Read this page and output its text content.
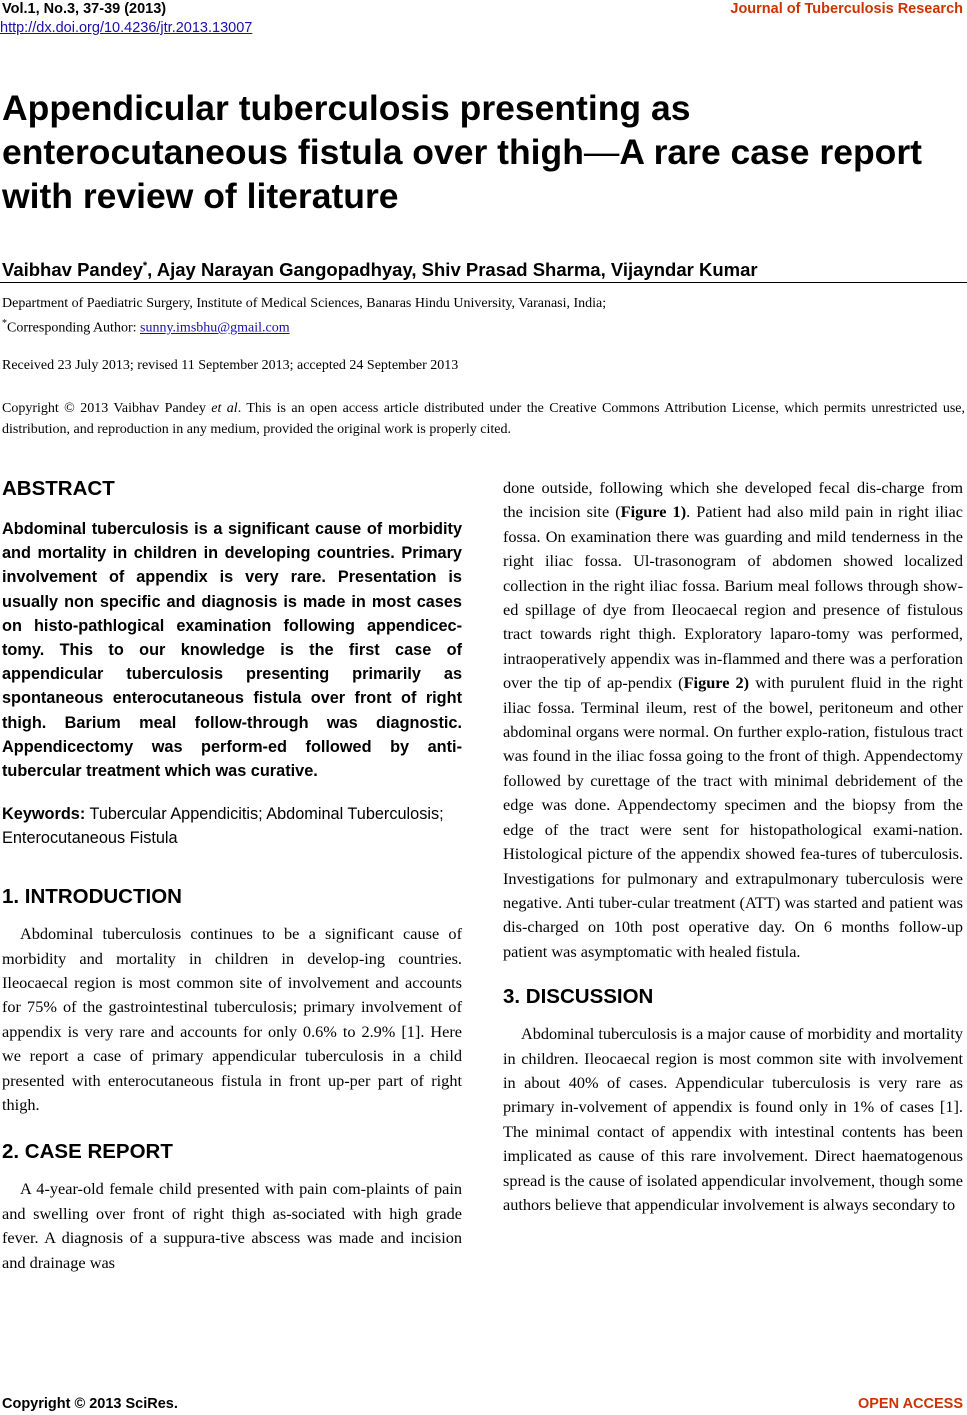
Vol.1, No.3, 37-39 (2013)
http://dx.doi.org/10.4236/jtr.2013.13007
Journal of Tuberculosis Research
Appendicular tuberculosis presenting as enterocutaneous fistula over thigh—A rare case report with review of literature
Vaibhav Pandey*, Ajay Narayan Gangopadhyay, Shiv Prasad Sharma, Vijayndar Kumar
Department of Paediatric Surgery, Institute of Medical Sciences, Banaras Hindu University, Varanasi, India;
*Corresponding Author: sunny.imsbhu@gmail.com
Received 23 July 2013; revised 11 September 2013; accepted 24 September 2013
Copyright © 2013 Vaibhav Pandey et al. This is an open access article distributed under the Creative Commons Attribution License, which permits unrestricted use, distribution, and reproduction in any medium, provided the original work is properly cited.
ABSTRACT

Abdominal tuberculosis is a significant cause of morbidity and mortality in children in developing countries. Primary involvement of appendix is very rare. Presentation is usually non specific and diagnosis is made in most cases on histo-pathlogical examination following appendicec-tomy. This to our knowledge is the first case of appendicular tuberculosis presenting primarily as spontaneous enterocutaneous fistula over front of right thigh. Barium meal follow-through was diagnostic. Appendicectomy was perform-ed followed by anti-tubercular treatment which was curative.

Keywords: Tubercular Appendicitis; Abdominal Tuberculosis; Enterocutaneous Fistula

1. INTRODUCTION

Abdominal tuberculosis continues to be a significant cause of morbidity and mortality in children in develop-ing countries. Ileocaecal region is most common site of involvement and accounts for 75% of the gastrointestinal tuberculosis; primary involvement of appendix is very rare and accounts for only 0.6% to 2.9% [1]. Here we report a case of primary appendicular tuberculosis in a child presented with enterocutaneous fistula in front up-per part of right thigh.

2. CASE REPORT

A 4-year-old female child presented with pain com-plaints of pain and swelling over front of right thigh as-sociated with high grade fever. A diagnosis of a suppura-tive abscess was made and incision and drainage was

done outside, following which she developed fecal dis-charge from the incision site (Figure 1). Patient had also mild pain in right iliac fossa. On examination there was guarding and mild tenderness in the right iliac fossa. Ul-trasonogram of abdomen showed localized collection in the right iliac fossa. Barium meal follows through show-ed spillage of dye from Ileocaecal region and presence of fistulous tract towards right thigh. Exploratory laparo-tomy was performed, intraoperatively appendix was in-flammed and there was a perforation over the tip of ap-pendix (Figure 2) with purulent fluid in the right iliac fossa. Terminal ileum, rest of the bowel, peritoneum and other abdominal organs were normal. On further explo-ration, fistulous tract was found in the iliac fossa going to the front of thigh. Appendectomy followed by curettage of the tract with minimal debridement of the edge was done. Appendectomy specimen and the biopsy from the edge of the tract were sent for histopathological exami-nation. Histological picture of the appendix showed fea-tures of tuberculosis. Investigations for pulmonary and extrapulmonary tuberculosis were negative. Anti tuber-cular treatment (ATT) was started and patient was dis-charged on 10th post operative day. On 6 months follow-up patient was asymptomatic with healed fistula.

3. DISCUSSION

Abdominal tuberculosis is a major cause of morbidity and mortality in children. Ileocaecal region is most common site with involvement in about 40% of cases. Appendicular tuberculosis is very rare as primary in-volvement of appendix is found only in 1% of cases [1]. The minimal contact of appendix with intestinal contents has been implicated as cause of this rare involvement. Direct haematogenous spread is the cause of isolated appendicular involvement, though some authors believe that appendicular involvement is always secondary to

Copyright © 2013 SciRes.	OPEN ACCESS
